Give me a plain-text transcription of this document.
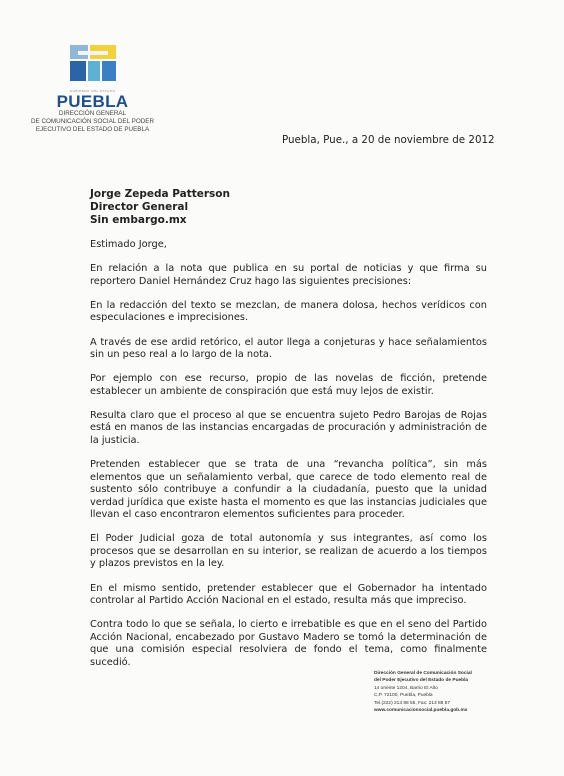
GOBIERNO DEL ESTADO
PUEBLA
DIRECCIÓN GENERAL
DE COMUNICACIÓN SOCIAL DEL PODER
EJECUTIVO DEL ESTADO DE PUEBLA
Puebla, Pue., a 20 de noviembre de 2012
Jorge Zepeda Patterson
Director General
Sin embargo.mx

Estimado Jorge,

En relación a la nota que publica en su portal de noticias y que firma su reportero Daniel Hernández Cruz hago las siguientes precisiones:

En la redacción del texto se mezclan, de manera dolosa, hechos verídicos con especulaciones e imprecisiones.

A través de ese ardid retórico, el autor llega a conjeturas y hace señalamientos sin un peso real a lo largo de la nota.

Por ejemplo con ese recurso, propio de las novelas de ficción, pretende establecer un ambiente de conspiración que está muy lejos de existir.

Resulta claro que el proceso al que se encuentra sujeto Pedro Barojas de Rojas está en manos de las instancias encargadas de procuración y administración de la justicia.

Pretenden establecer que se trata de una “revancha política”, sin más elementos que un señalamiento verbal, que carece de todo elemento real de sustento sólo contribuye a confundir a la ciudadanía, puesto que la unidad verdad jurídica que existe hasta el momento es que las instancias judiciales que llevan el caso encontraron elementos suficientes para proceder.

El Poder Judicial goza de total autonomía y sus integrantes, así como los procesos que se desarrollan en su interior, se realizan de acuerdo a los tiempos y plazos previstos en la ley.

En el mismo sentido, pretender establecer que el Gobernador ha intentado controlar al Partido Acción Nacional en el estado, resulta más que impreciso.

Contra todo lo que se señala, lo cierto e irrebatible es que en el seno del Partido Acción Nacional, encabezado por Gustavo Madero se tomó la determinación de que una comisión especial resolviera de fondo el tema, como finalmente sucedió.

Dirección General de Comunicación Social
del Poder Ejecutivo del Estado de Puebla
14 oriente 1204, Barrio El Alto
C.P. 72100, Puebla, Puebla
Tel.(222) 213 88 55, Fax: 213 88 57
www.comunicacionsocial.puebla.gob.mx
